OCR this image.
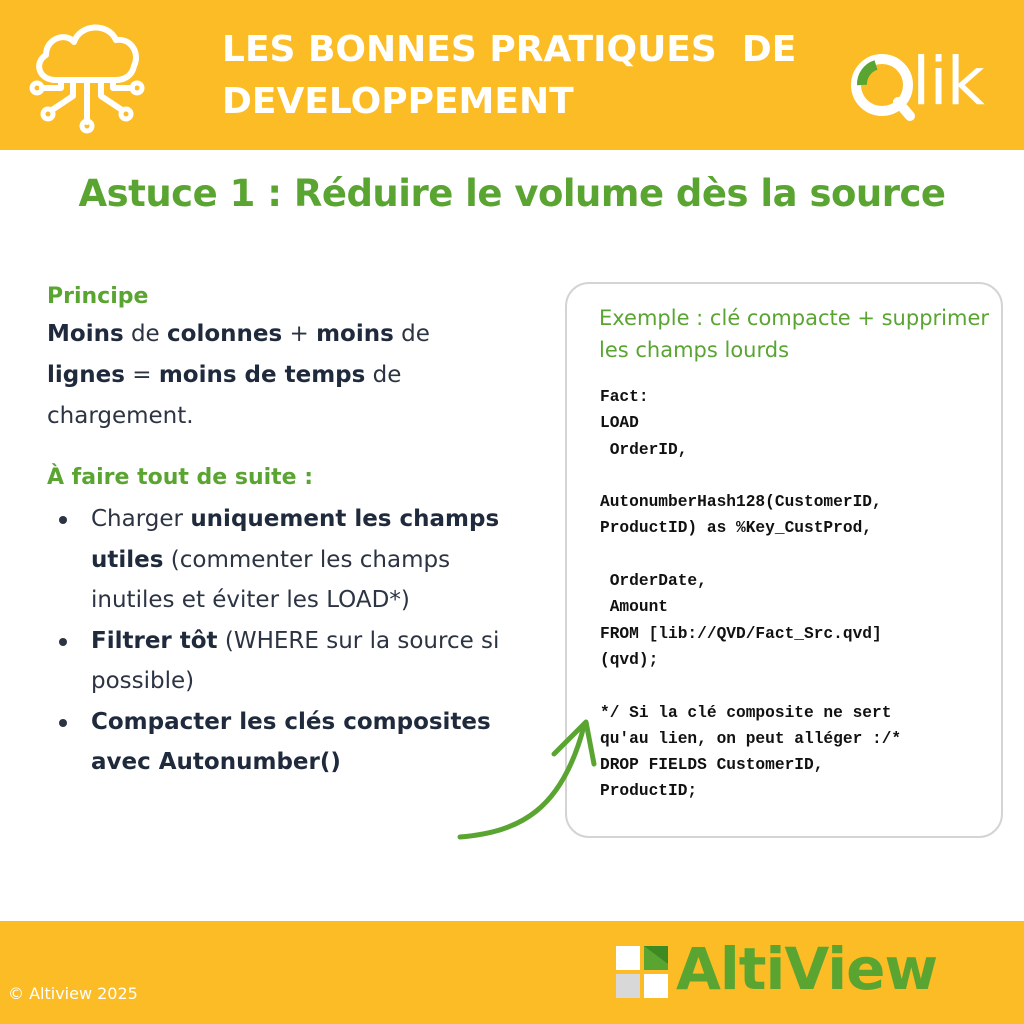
LES BONNES PRATIQUES  DE
DEVELOPPEMENT	lik
Astuce 1 : Réduire le volume dès la source
Principe
Moins de colonnes + moins de lignes = moins de temps de chargement.
À faire tout de suite :
Charger uniquement les champs utiles (commenter les champs inutiles et éviter les LOAD*)
Filtrer tôt (WHERE sur la source si possible)
Compacter les clés composites avec Autonumber()
Exemple : clé compacte + supprimer les champs lourds
Fact:
LOAD
OrderID,

AutonumberHash128(CustomerID,
ProductID) as %Key_CustProd,

OrderDate,
Amount
FROM [lib://QVD/Fact_Src.qvd]
(qvd);

*/ Si la clé composite ne sert
qu'au lien, on peut alléger :/*
DROP FIELDS CustomerID,
ProductID;
© Altiview 2025	AltiView
